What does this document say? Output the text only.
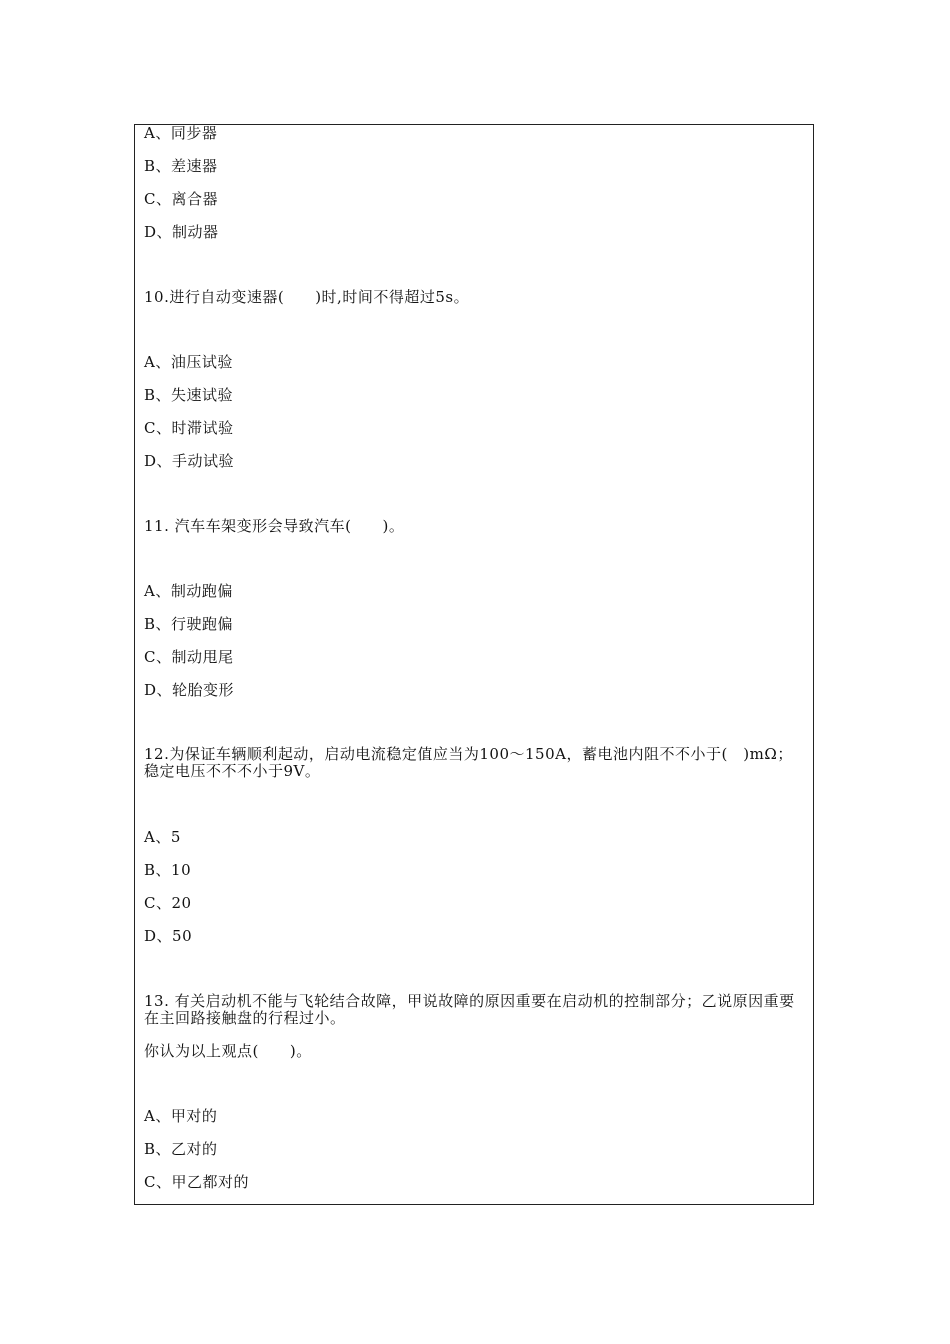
A、同步器
B、差速器
C、离合器
D、制动器
10.进行自动变速器(　　)时,时间不得超过5s。
A、油压试验
B、失速试验
C、时滞试验
D、手动试验
11. 汽车车架变形会导致汽车(　　)。
A、制动跑偏
B、行驶跑偏
C、制动甩尾
D、轮胎变形
12.为保证车辆顺利起动，启动电流稳定值应当为100～150A，蓄电池内阻不不小于(　)mΩ；稳定电压不不不小于9V。
A、5
B、10
C、20
D、50
13. 有关启动机不能与飞轮结合故障，甲说故障的原因重要在启动机的控制部分；乙说原因重要在主回路接触盘的行程过小。
你认为以上观点(　　)。
A、甲对的
B、乙对的
C、甲乙都对的
